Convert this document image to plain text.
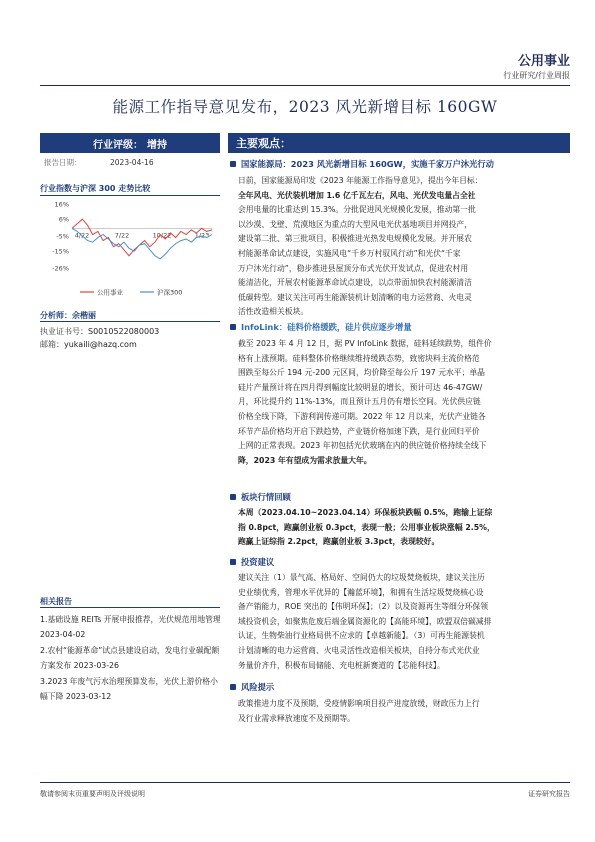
公用事业
行业研究/行业周报
能源工作指导意见发布，2023 风光新增目标 160GW
行业评级： 增持
报告日期：	2023-04-16
行业指数与沪深 300 走势比较
16%
6%
-5%
-15%
-26%
4/22	7/22	10/22	1/23
公用事业	沪深300
分析师：余楷丽
执业证书号：S0010522080003
邮箱：yukaili@hazq.com
相关报告
1.基础设施 REITs 开展申报推荐，光伏规范用地管理 2023-04-02
2.农村“能源革命”试点县建设启动，发电行业碳配额方案发布 2023-03-26
3.2023 年废气污水治理预算发布，光伏上游价格小幅下降 2023-03-12
主要观点：
国家能源局：2023 风光新增目标 160GW，实施千家万户沐光行动
日前，国家能源局印发《2023 年能源工作指导意见》，提出今年目标：
全年风电、光伏装机增加 1.6 亿千瓦左右，风电、光伏发电量占全社
会用电量的比重达到 15.3%。分批促进风光规模化发展，推动第一批
以沙漠、戈壁、荒漠地区为重点的大型风电光伏基地项目并网投产，
建设第二批、第三批项目，积极推进光热发电规模化发展。并开展农
村能源革命试点建设，实施风电“千乡万村驭风行动”和光伏“千家
万户沐光行动”，稳步推进县屋顶分布式光伏开发试点，促进农村用
能清洁化，开展农村能源革命试点建设，以点带面加快农村能源清洁
低碳转型。建议关注可再生能源装机计划清晰的电力运营商、火电灵
活性改造相关板块。
InfoLink：硅料价格缓跌，硅片供应逐步增量
截至 2023 年 4 月 12 日，据 PV InfoLink 数据，硅料延续跌势，组件价
格有上涨预期。硅料整体价格继续维持缓跌态势，致密块料主流价格范
围跌至每公斤 194 元-200 元区间，均价降至每公斤 197 元水平；单晶
硅片产量预计将在四月得到幅度比较明显的增长，预计可达 46-47GW/
月，环比提升约 11%-13%，而且预计五月仍有增长空间。光伏供应链
价格全线下降，下游利润传递可期。2022 年 12 月以来，光伏产业链各
环节产品价格均开启下跌趋势，产业链价格加速下跌，是行业回归平价
上网的正常表现。2023 年初包括光伏玻璃在内的供应链价格持续全线下
降，2023 年有望成为需求放量大年。
板块行情回顾
本周（2023.04.10~2023.04.14）环保板块跌幅 0.5%，跑输上证综
指 0.8pct，跑赢创业板 0.3pct，表现一般；公用事业板块涨幅 2.5%，
跑赢上证综指 2.2pct，跑赢创业板 3.3pct，表现较好。
投资建议
建议关注（1）景气高、格局好、空间仍大的垃圾焚烧板块，建议关注历
史业绩优秀，管理水平优异的【瀚蓝环境】，和拥有生活垃圾焚烧核心设
备产销能力，ROE 突出的【伟明环保】；（2）以及资源再生等细分环保领
域投资机会，如聚焦危废后端金属资源化的【高能环境】，欧盟双倍碳减排
认证，生物柴油行业格局供不应求的【卓越新能】。（3）可再生能源装机
计划清晰的电力运营商、火电灵活性改造相关板块，自持分布式光伏业
务量价齐升，积极布局储能、充电桩新赛道的【芯能科技】。
风险提示
政策推进力度不及预期，受疫情影响项目投产进度放缓，财政压力上行
及行业需求释放速度不及预期等。
敬请参阅末页重要声明及评级说明	证券研究报告
